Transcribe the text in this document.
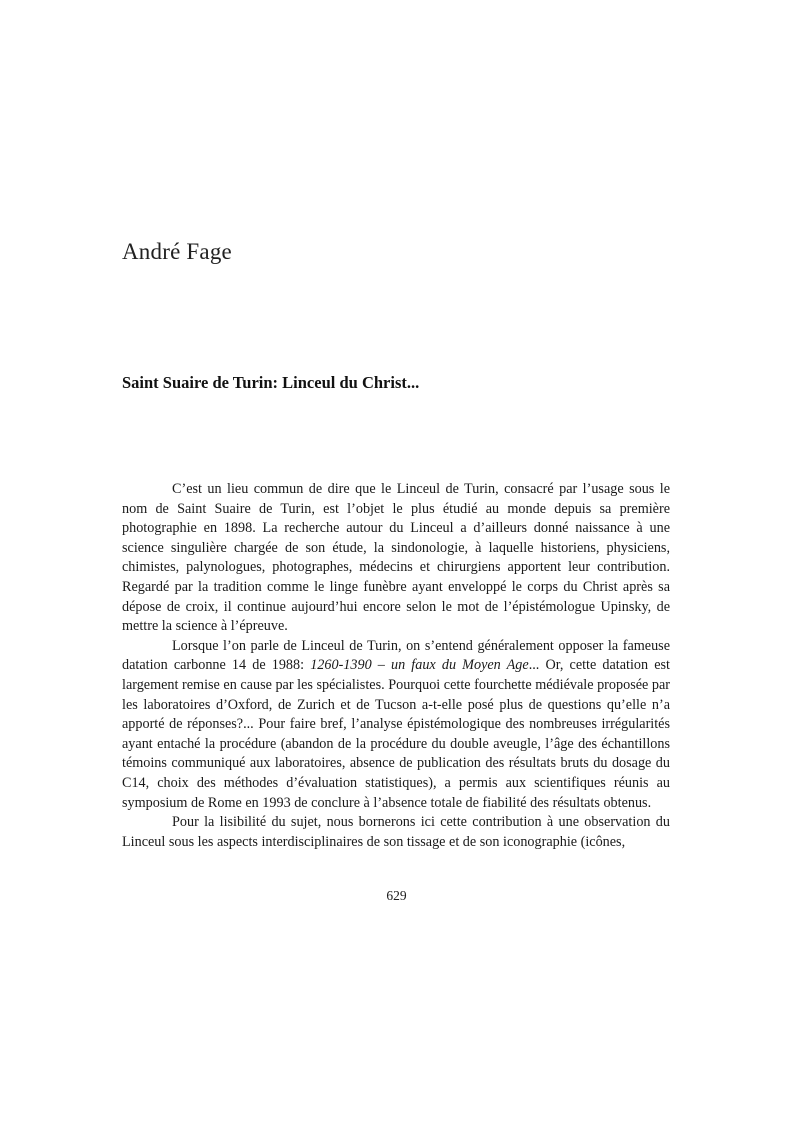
André Fage
Saint Suaire de Turin: Linceul du Christ...

C’est un lieu commun de dire que le Linceul de Turin, consacré par l’usage sous le nom de Saint Suaire de Turin, est l’objet le plus étudié au monde depuis sa première photographie en 1898. La recherche autour du Linceul a d’ailleurs donné naissance à une science singulière chargée de son étude, la sindonologie, à laquelle historiens, physiciens, chimistes, palynologues, photographes, médecins et chirurgiens apportent leur contribution. Regardé par la tradition comme le linge funèbre ayant enveloppé le corps du Christ après sa dépose de croix, il continue aujourd’hui encore selon le mot de l’épistémologue Upinsky, de mettre la science à l’épreuve.

Lorsque l’on parle de Linceul de Turin, on s’entend généralement opposer la fameuse datation carbonne 14 de 1988: 1260-1390 – un faux du Moyen Age... Or, cette datation est largement remise en cause par les spécialistes. Pourquoi cette fourchette médiévale proposée par les laboratoires d’Oxford, de Zurich et de Tucson a-t-elle posé plus de questions qu’elle n’a apporté de réponses?... Pour faire bref, l’analyse épistémologique des nombreuses irrégularités ayant entaché la procédure (abandon de la procédure du double aveugle, l’âge des échantillons témoins communiqué aux laboratoires, absence de publication des résultats bruts du dosage du C14, choix des méthodes d’évaluation statistiques), a permis aux scientifiques réunis au symposium de Rome en 1993 de conclure à l’absence totale de fiabilité des résultats obtenus.

Pour la lisibilité du sujet, nous bornerons ici cette contribution à une observation du Linceul sous les aspects interdisciplinaires de son tissage et de son iconographie (icônes,

629
